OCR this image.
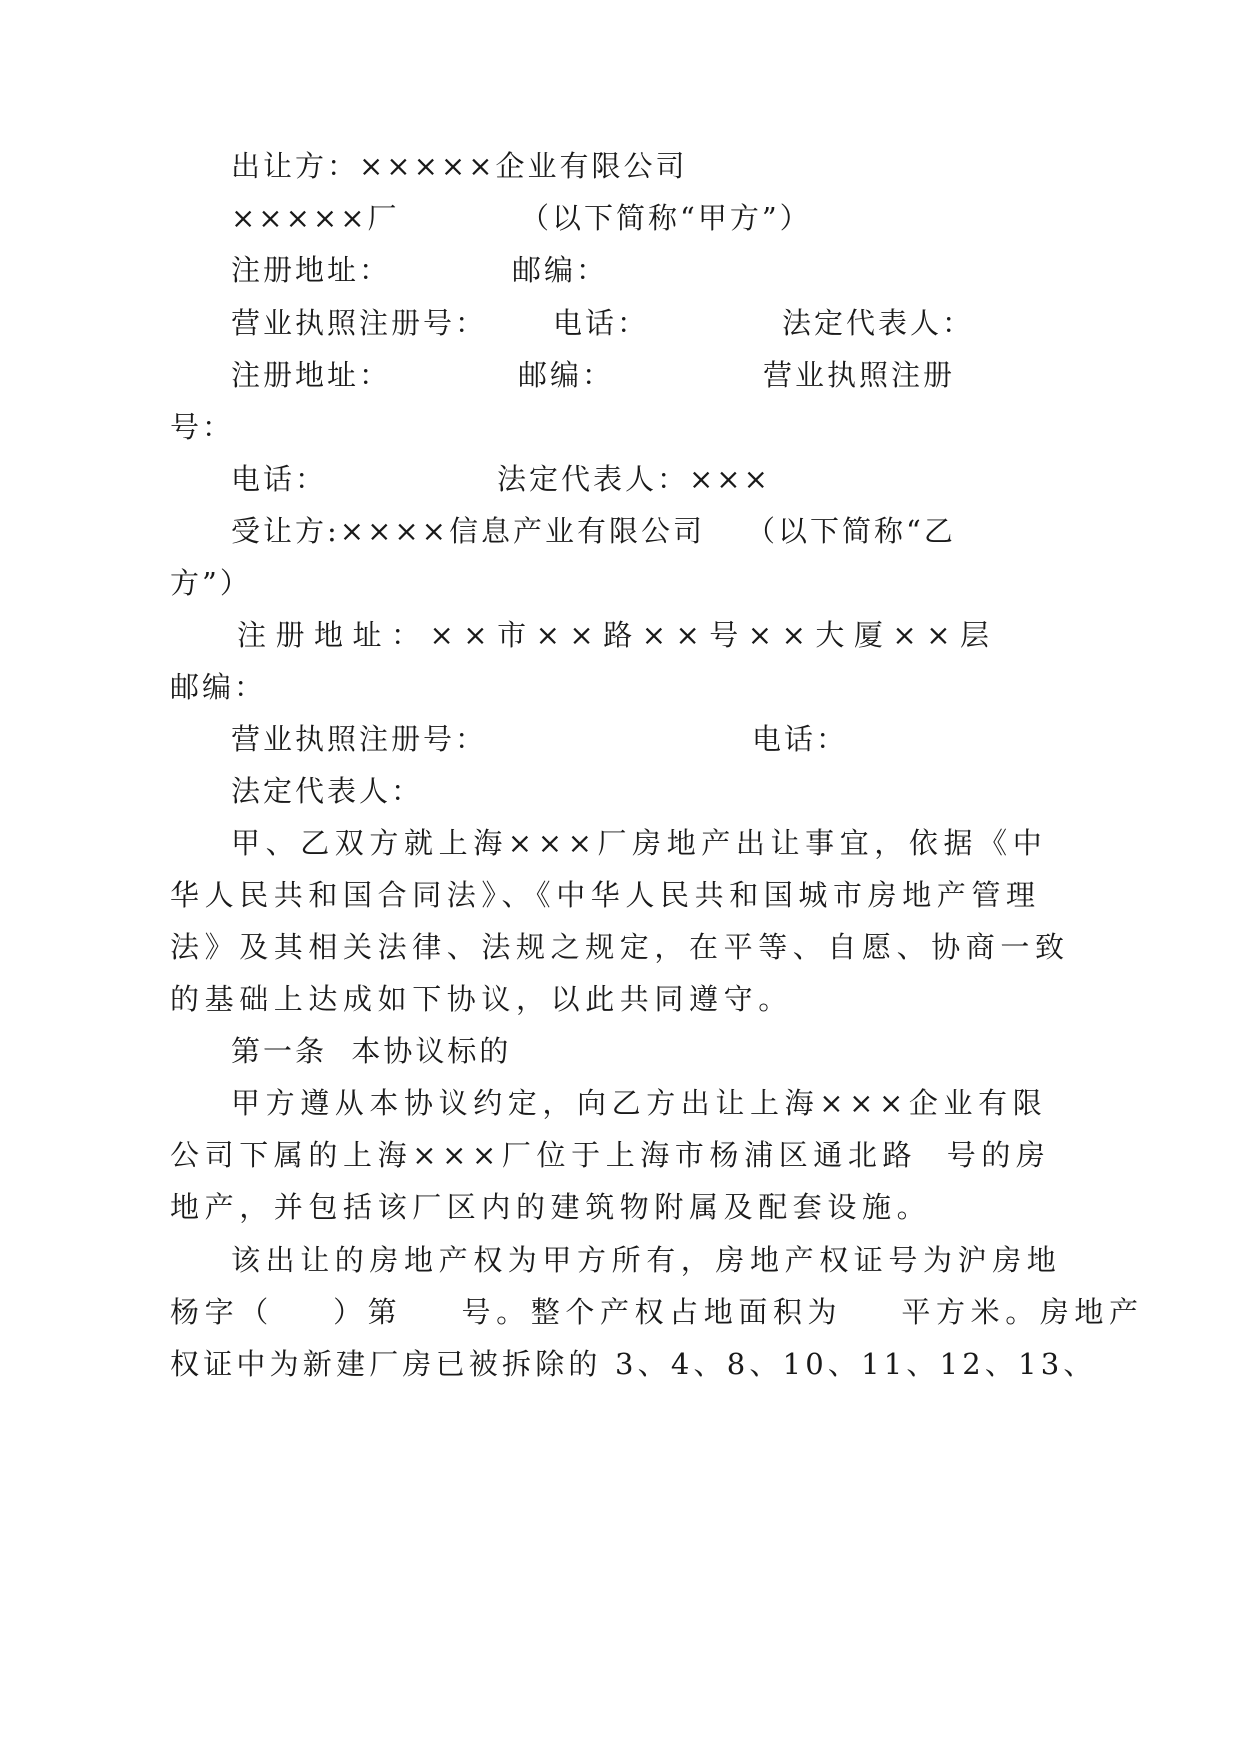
出让方：×××××企业有限公司
×××××厂	（以下简称“甲方”）
注册地址：	邮编：
营业执照注册号： 电话：	法定代表人：
注册地址：	邮编：	营业执照注册
号：
电话：	法定代表人：×××
受让方:××××信息产业有限公司 （以下简称“乙
方”）
注册地址：××市××路××号××大厦××层
邮编：
营业执照注册号：	电话：
法定代表人：
甲、乙双方就上海×××厂房地产出让事宜，依据《中
华人民共和国合同法》、《中华人民共和国城市房地产管理
法》及其相关法律、法规之规定，在平等、自愿、协商一致
的基础上达成如下协议，以此共同遵守。
第一条  本协议标的
甲方遵从本协议约定，向乙方出让上海×××企业有限
公司下属的上海×××厂位于上海市杨浦区通北路  号的房
地产，并包括该厂区内的建筑物附属及配套设施。
该出让的房地产权为甲方所有，房地产权证号为沪房地
杨字（    ）第    号。整个产权占地面积为    平方米。房地产
权证中为新建厂房已被拆除的 3、4、8、10、11、12、13、
